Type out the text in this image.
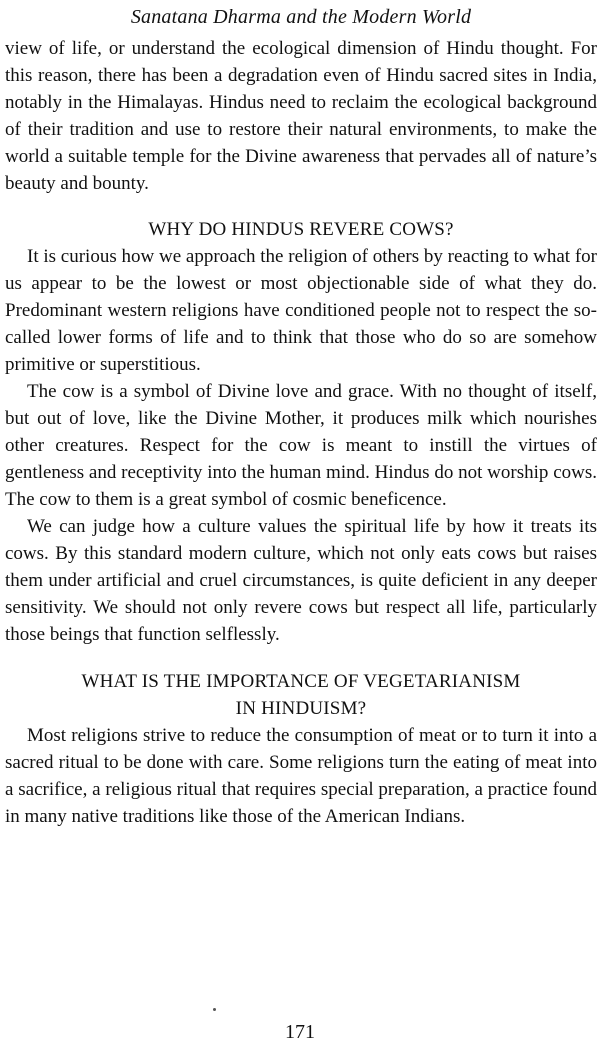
Sanatana Dharma and the Modern World

view of life, or understand the ecological dimension of Hindu thought. For this reason, there has been a degradation even of Hindu sacred sites in India, notably in the Himalayas. Hindus need to reclaim the ecological background of their tradition and use to restore their natural environments, to make the world a suitable temple for the Divine awareness that pervades all of nature’s beauty and bounty.

WHY DO HINDUS REVERE COWS?

It is curious how we approach the religion of others by reacting to what for us appear to be the lowest or most objectionable side of what they do. Predominant western religions have conditioned people not to respect the so-called lower forms of life and to think that those who do so are somehow primitive or superstitious.

The cow is a symbol of Divine love and grace. With no thought of itself, but out of love, like the Divine Mother, it produces milk which nourishes other creatures. Respect for the cow is meant to instill the virtues of gentleness and receptivity into the human mind. Hindus do not worship cows. The cow to them is a great symbol of cosmic beneficence.

We can judge how a culture values the spiritual life by how it treats its cows. By this standard modern culture, which not only eats cows but raises them under artificial and cruel circumstances, is quite deficient in any deeper sensitivity. We should not only revere cows but respect all life, particularly those beings that function selflessly.

WHAT IS THE IMPORTANCE OF VEGETARIANISM
IN HINDUISM?

Most religions strive to reduce the consumption of meat or to turn it into a sacred ritual to be done with care. Some religions turn the eating of meat into a sacrifice, a religious ritual that requires special preparation, a practice found in many native traditions like those of the American Indians.

171
